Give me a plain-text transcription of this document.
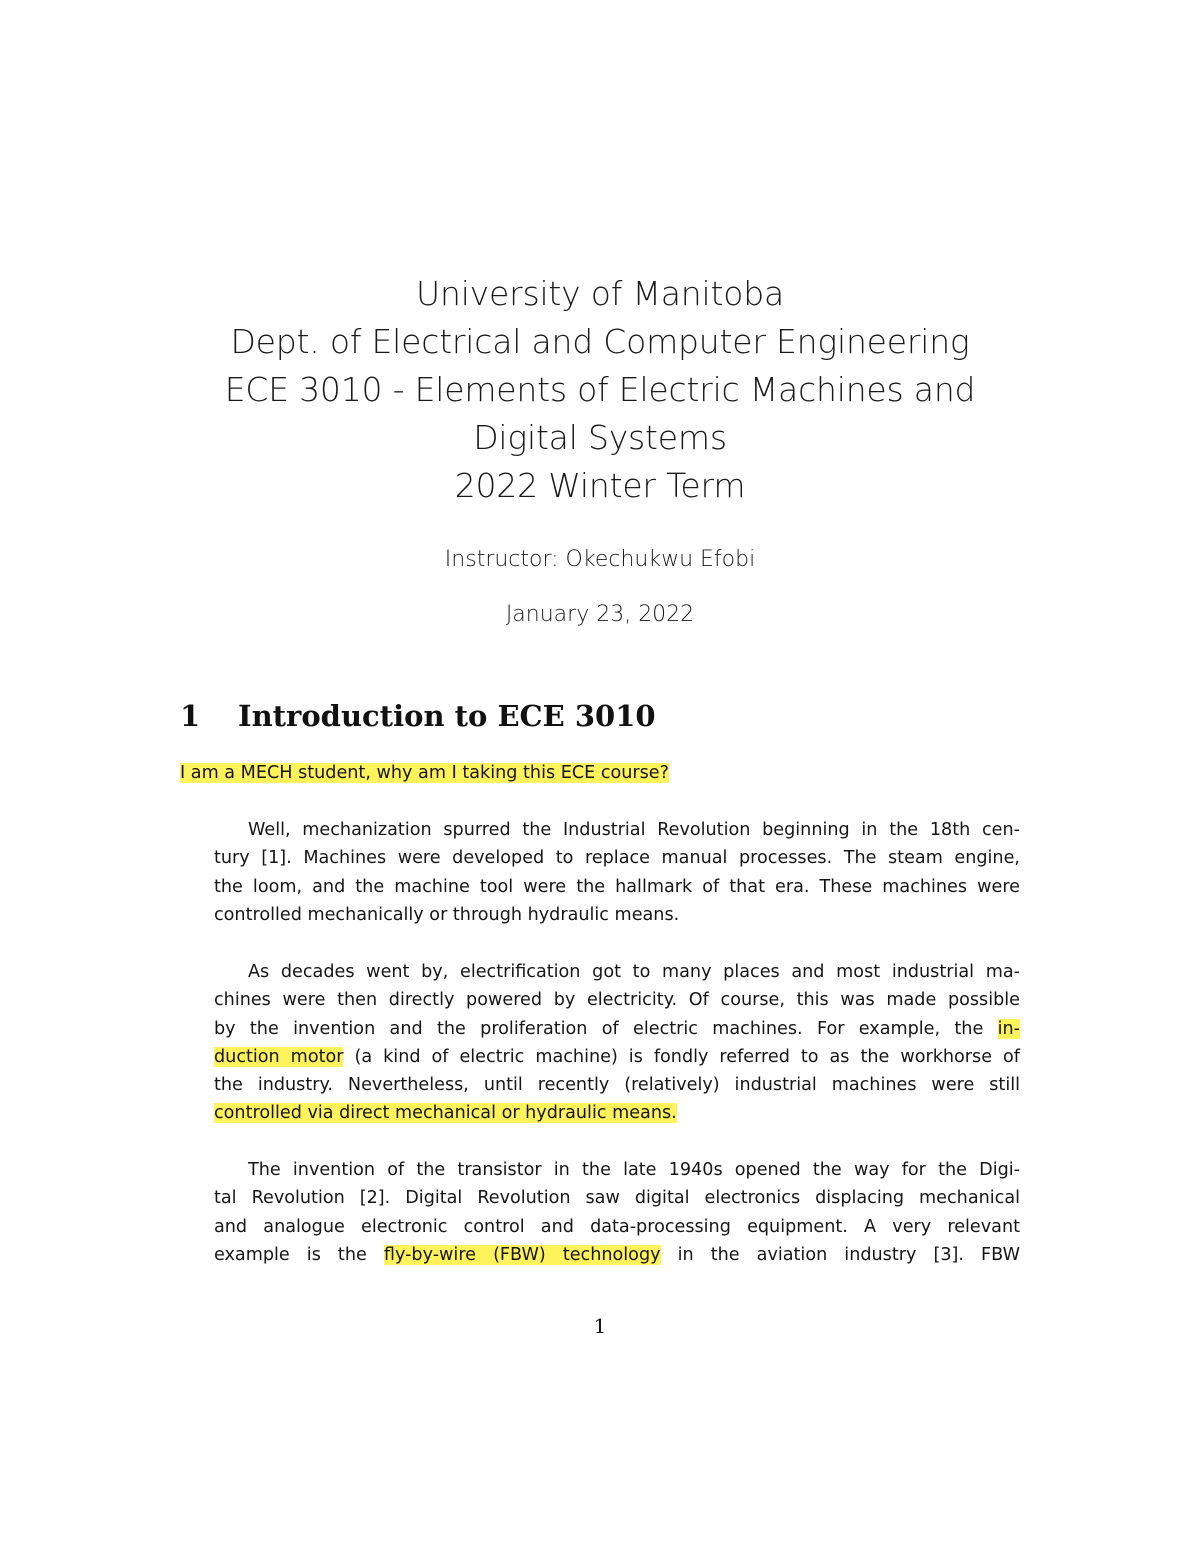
University of Manitoba
Dept. of Electrical and Computer Engineering
ECE 3010 - Elements of Electric Machines and
Digital Systems
2022 Winter Term
Instructor: Okechukwu Efobi
January 23, 2022
1 Introduction to ECE 3010
I am a MECH student, why am I taking this ECE course?
Well, mechanization spurred the Industrial Revolution beginning in the 18th cen-
tury [1]. Machines were developed to replace manual processes. The steam engine,
the loom, and the machine tool were the hallmark of that era. These machines were
controlled mechanically or through hydraulic means.
As decades went by, electrification got to many places and most industrial ma-
chines were then directly powered by electricity. Of course, this was made possible
by the invention and the proliferation of electric machines. For example, the in-
duction motor (a kind of electric machine) is fondly referred to as the workhorse of
the industry. Nevertheless, until recently (relatively) industrial machines were still
controlled via direct mechanical or hydraulic means.
The invention of the transistor in the late 1940s opened the way for the Digi-
tal Revolution [2]. Digital Revolution saw digital electronics displacing mechanical
and analogue electronic control and data-processing equipment. A very relevant
example is the fly-by-wire (FBW) technology in the aviation industry [3]. FBW
1
